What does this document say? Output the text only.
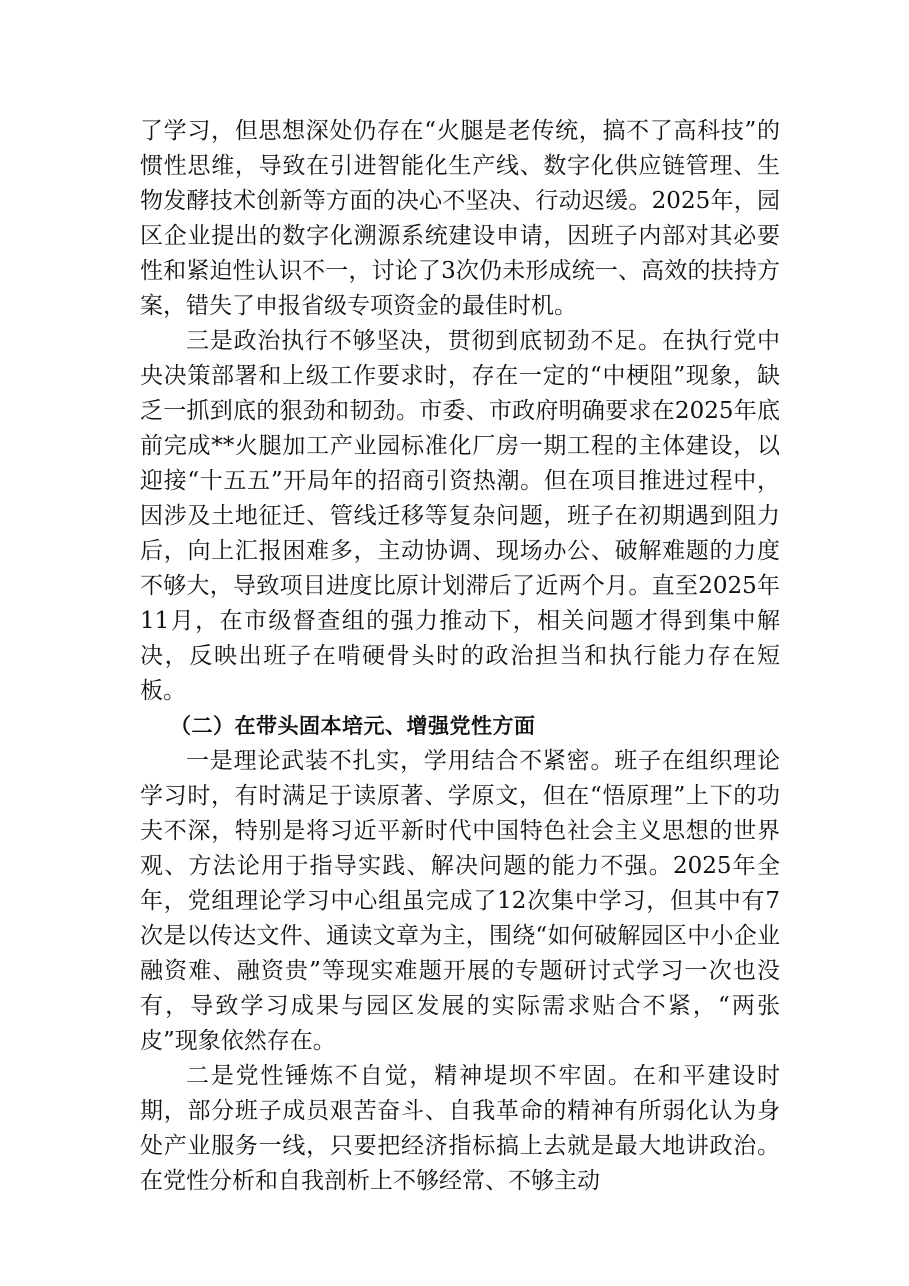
了学习，但思想深处仍存在“火腿是老传统，搞不了高科技”的惯性思维，导致在引进智能化生产线、数字化供应链管理、生物发酵技术创新等方面的决心不坚决、行动迟缓。2025年，园区企业提出的数字化溯源系统建设申请，因班子内部对其必要性和紧迫性认识不一，讨论了3次仍未形成统一、高效的扶持方案，错失了申报省级专项资金的最佳时机。

三是政治执行不够坚决，贯彻到底韧劲不足。在执行党中央决策部署和上级工作要求时，存在一定的“中梗阻”现象，缺乏一抓到底的狠劲和韧劲。市委、市政府明确要求在2025年底前完成**火腿加工产业园标准化厂房一期工程的主体建设，以迎接“十五五”开局年的招商引资热潮。但在项目推进过程中，因涉及土地征迁、管线迁移等复杂问题，班子在初期遇到阻力后，向上汇报困难多，主动协调、现场办公、破解难题的力度不够大，导致项目进度比原计划滞后了近两个月。直至2025年11月，在市级督查组的强力推动下，相关问题才得到集中解决，反映出班子在啃硬骨头时的政治担当和执行能力存在短板。

（二）在带头固本培元、增强党性方面

一是理论武装不扎实，学用结合不紧密。班子在组织理论学习时，有时满足于读原著、学原文，但在“悟原理”上下的功夫不深，特别是将习近平新时代中国特色社会主义思想的世界观、方法论用于指导实践、解决问题的能力不强。2025年全年，党组理论学习中心组虽完成了12次集中学习，但其中有7次是以传达文件、通读文章为主，围绕“如何破解园区中小企业融资难、融资贵”等现实难题开展的专题研讨式学习一次也没有，导致学习成果与园区发展的实际需求贴合不紧，“两张皮”现象依然存在。

二是党性锤炼不自觉，精神堤坝不牢固。在和平建设时期，部分班子成员艰苦奋斗、自我革命的精神有所弱化认为身处产业服务一线，只要把经济指标搞上去就是最大地讲政治。在党性分析和自我剖析上不够经常、不够主动
